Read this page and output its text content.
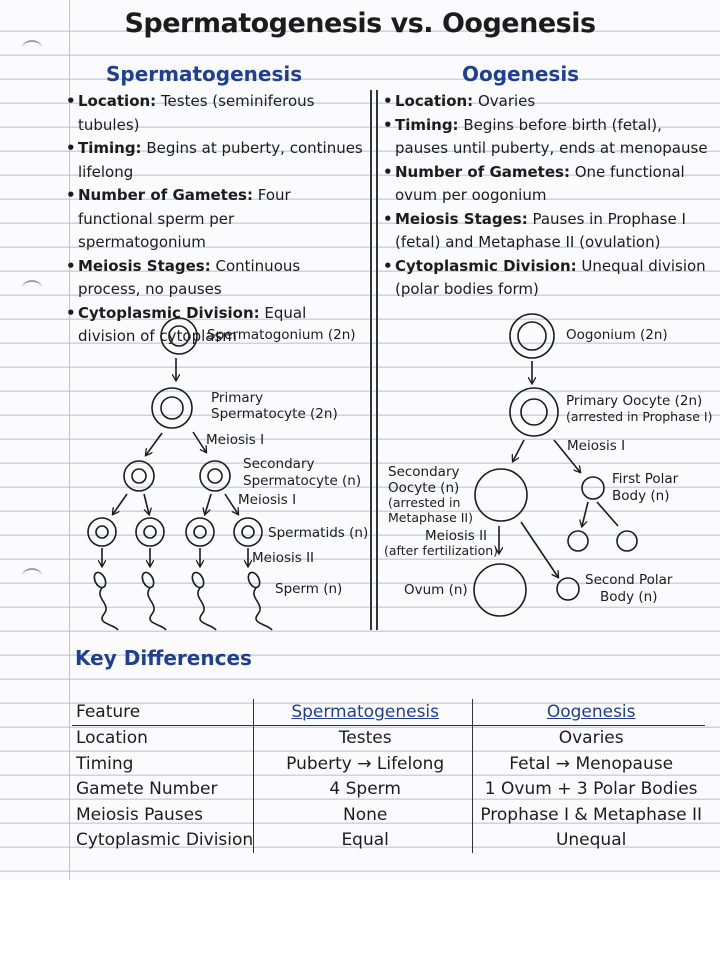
Spermatogenesis vs. Oogenesis
Spermatogenesis	Oogenesis
• Location: Testes (seminiferous tubules)
• Timing: Begins at puberty, continues lifelong
• Number of Gametes: Four functional sperm per spermatogonium
• Meiosis Stages: Continuous process, no pauses
• Cytoplasmic Division: Equal division of cytoplasm
• Location: Ovaries
• Timing: Begins before birth (fetal), pauses until puberty, ends at menopause
• Number of Gametes: One functional ovum per oogonium
• Meiosis Stages: Pauses in Prophase I (fetal) and Metaphase II (ovulation)
• Cytoplasmic Division: Unequal division (polar bodies form)
Spermatogonium (2n)
Primary
Spermatocyte (2n)
Meiosis I
Secondary
Spermatocyte (n)
Meiosis I
Spermatids (n)
Meiosis II
Sperm (n)
Oogonium (2n)
Primary Oocyte (2n)
(arrested in Prophase I)
Meiosis I
Secondary
Oocyte (n)
(arrested in
Metaphase II)
First Polar
Body (n)
Meiosis II
(after fertilization)
Ovum (n)
Second Polar
Body (n)
Key Differences
Feature	Spermatogenesis	Oogenesis
Location	Testes	Ovaries
Timing	Puberty → Lifelong	Fetal → Menopause
Gamete Number	4 Sperm	1 Ovum + 3 Polar Bodies
Meiosis Pauses	None	Prophase I & Metaphase II
Cytoplasmic Division	Equal	Unequal
